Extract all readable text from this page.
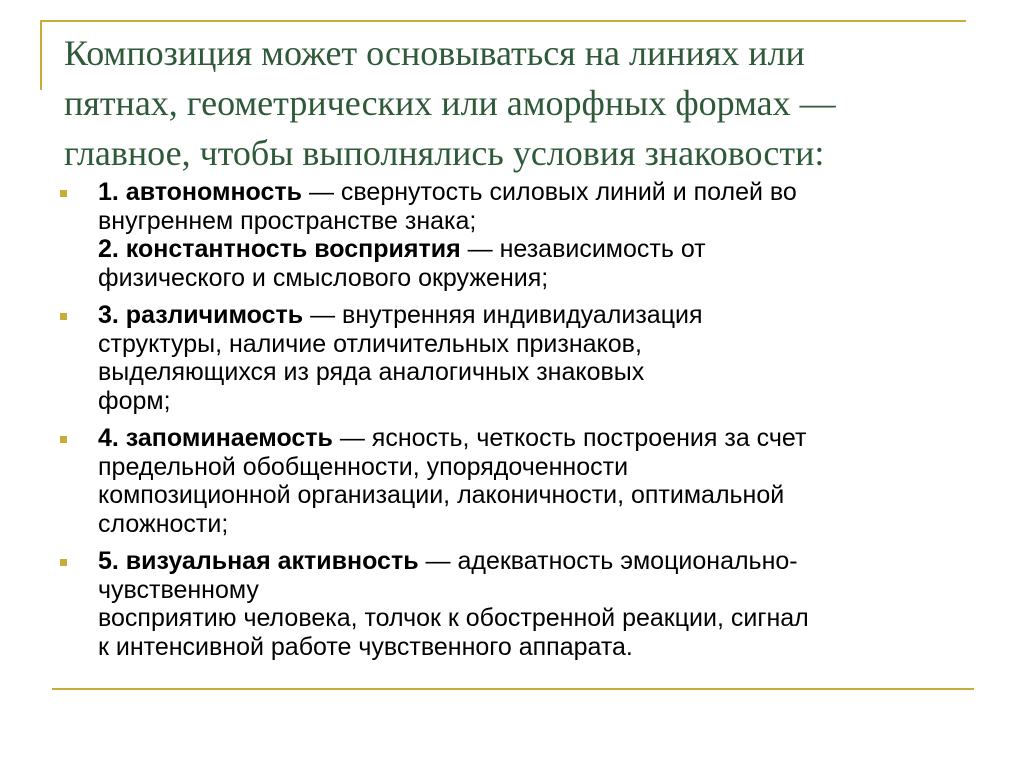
Композиция может основываться на линиях или
пятнах, геометрических или аморфных формах —
главное, чтобы выполнялись условия знаковости:
1. автономность — свернутость силовых линий и полей во
внугреннем пространстве знака;
2. константность восприятия — независимость от
физического и смыслового окружения;
3. различимость — внутренняя индивидуализация
структуры, наличие отличительных признаков,
выделяющихся из ряда аналогичных знаковых
форм;
4. запоминаемость — ясность, четкость построения за счет
предельной обобщенности, упорядоченности
композиционной организации, лаконичности, оптимальной
сложности;
5. визуальная активность — адекватность эмоционально-
чувственному
восприятию человека, толчок к обостренной реакции, сигнал
к интенсивной работе чувственного аппарата.
